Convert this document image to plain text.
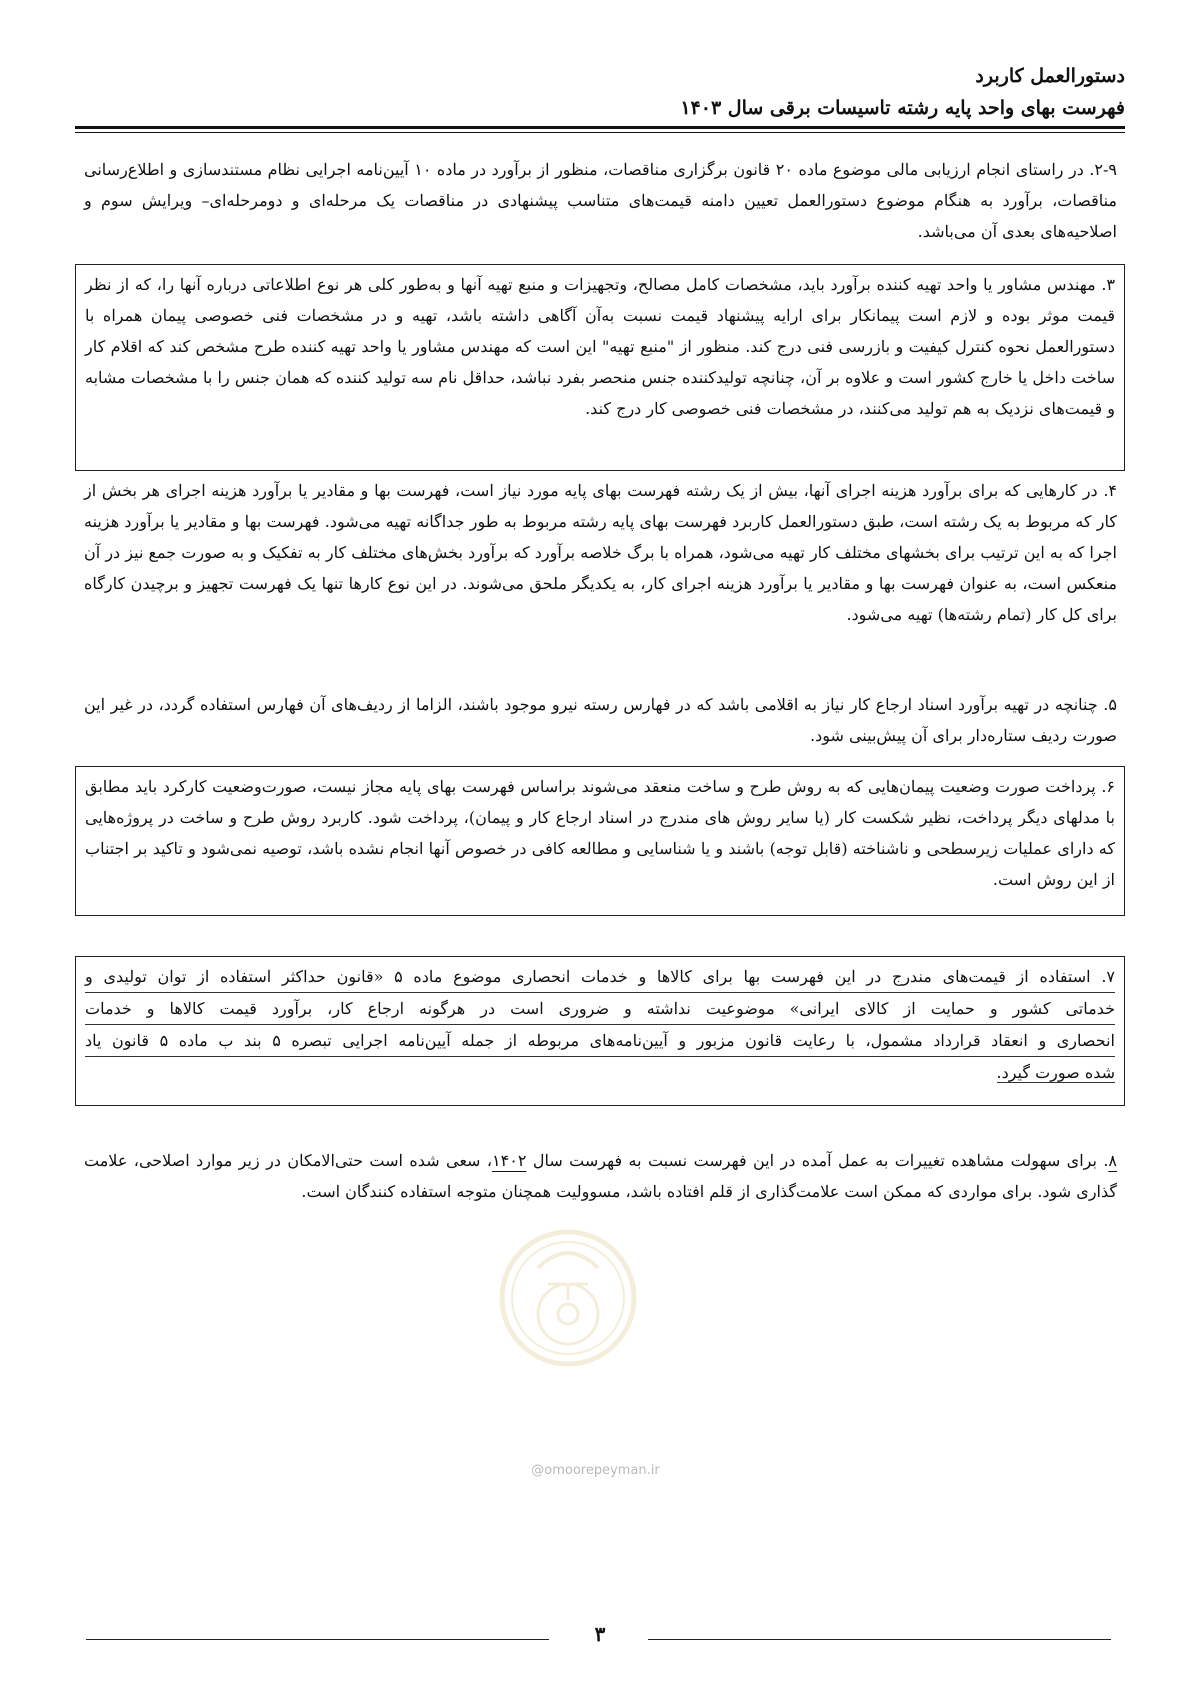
دستورالعمل کاربرد
فهرست بهای واحد پایه رشته تاسیسات برقی سال ۱۴۰۳
۲-۹. در راستای انجام ارزیابی مالی موضوع ماده ۲۰ قانون برگزاری مناقصات، منظور از برآورد در ماده ۱۰ آیین‌نامه اجرایی نظام مستندسازی و اطلاع‌رسانی مناقصات، برآورد به هنگام موضوع دستورالعمل تعیین دامنه قیمت‌های متناسب پیشنهادی در مناقصات یک مرحله‌ای و دومرحله‌ای– ویرایش سوم و اصلاحیه‌های بعدی آن می‌باشد.
۳. مهندس مشاور یا واحد تهیه کننده برآورد باید، مشخصات کامل مصالح، وتجهیزات و منبع تهیه آنها و به‌طور کلی هر نوع اطلاعاتی درباره آنها را، که از نظر قیمت موثر بوده و لازم است پیمانکار برای ارایه پیشنهاد قیمت نسبت به‌آن آگاهی داشته باشد، تهیه و در مشخصات فنی خصوصی پیمان همراه با دستورالعمل نحوه کنترل کیفیت و بازرسی فنی درج کند. منظور از "منبع تهیه" این است که مهندس مشاور یا واحد تهیه کننده طرح مشخص کند که اقلام کار ساخت داخل یا خارج کشور است و علاوه بر آن، چنانچه تولیدکننده جنس منحصر بفرد نباشد، حداقل نام سه تولید کننده که همان جنس را با مشخصات مشابه و قیمت‌های نزدیک به هم تولید می‌کنند، در مشخصات فنی خصوصی کار درج کند.
۴. در کارهایی که برای برآورد هزینه اجرای آنها، بیش از یک رشته فهرست بهای پایه مورد نیاز است، فهرست بها و مقادیر یا برآورد هزینه اجرای هر بخش از کار که مربوط به یک رشته است، طبق دستورالعمل کاربرد فهرست بهای پایه رشته مربوط به طور جداگانه تهیه می‌شود. فهرست بها و مقادیر یا برآورد هزینه اجرا که به این ترتیب برای بخشهای مختلف کار تهیه می‌شود، همراه با برگ خلاصه برآورد که برآورد بخش‌های مختلف کار به تفکیک و به صورت جمع نیز در آن منعکس است، به عنوان فهرست بها و مقادیر یا برآورد هزینه اجرای کار، به یکدیگر ملحق می‌شوند. در این نوع کارها تنها یک فهرست تجهیز و برچیدن کارگاه برای کل کار (تمام رشته‌ها) تهیه می‌شود.
۵. چنانچه در تهیه برآورد اسناد ارجاع کار نیاز به اقلامی باشد که در فهارس رسته نیرو موجود باشند، الزاما از ردیف‌های آن فهارس استفاده گردد، در غیر این صورت ردیف ستاره‌دار برای آن پیش‌بینی شود.
۶. پرداخت صورت وضعیت پیمان‌هایی که به روش طرح و ساخت منعقد می‌شوند براساس فهرست بهای پایه مجاز نیست، صورت‌وضعیت کارکرد باید مطابق با مدلهای دیگر پرداخت، نظیر شکست کار (یا سایر روش های مندرج در اسناد ارجاع کار و پیمان)، پرداخت شود. کاربرد روش طرح و ساخت در پروژه‌هایی که دارای عملیات زیرسطحی و ناشناخته (قابل توجه) باشند و یا شناسایی و مطالعه کافی در خصوص آنها انجام نشده باشد، توصیه نمی‌شود و تاکید بر اجتناب از این روش است.
۷. استفاده از قیمت‌های مندرج در این فهرست بها برای کالاها و خدمات انحصاری موضوع ماده ۵ «قانون حداکثر استفاده از توان تولیدی و
خدماتی کشور و حمایت از کالای ایرانی» موضوعیت نداشته و ضروری است در هرگونه ارجاع کار، برآورد قیمت کالاها و خدمات
انحصاری و انعقاد قرارداد مشمول، با رعایت قانون مزبور و آیین‌نامه‌های مربوطه از جمله آیین‌نامه اجرایی تبصره ۵ بند ب ماده ۵ قانون یاد
شده صورت گیرد.
۸. برای سهولت مشاهده تغییرات به عمل آمده در این فهرست نسبت به فهرست سال ۱۴۰۲، سعی شده است حتی‌الامکان در زیر موارد اصلاحی، علامت گذاری شود. برای مواردی که ممکن است علامت‌گذاری از قلم افتاده باشد، مسوولیت همچنان متوجه استفاده کنندگان است.
@omoorepeyman.ir
۳
